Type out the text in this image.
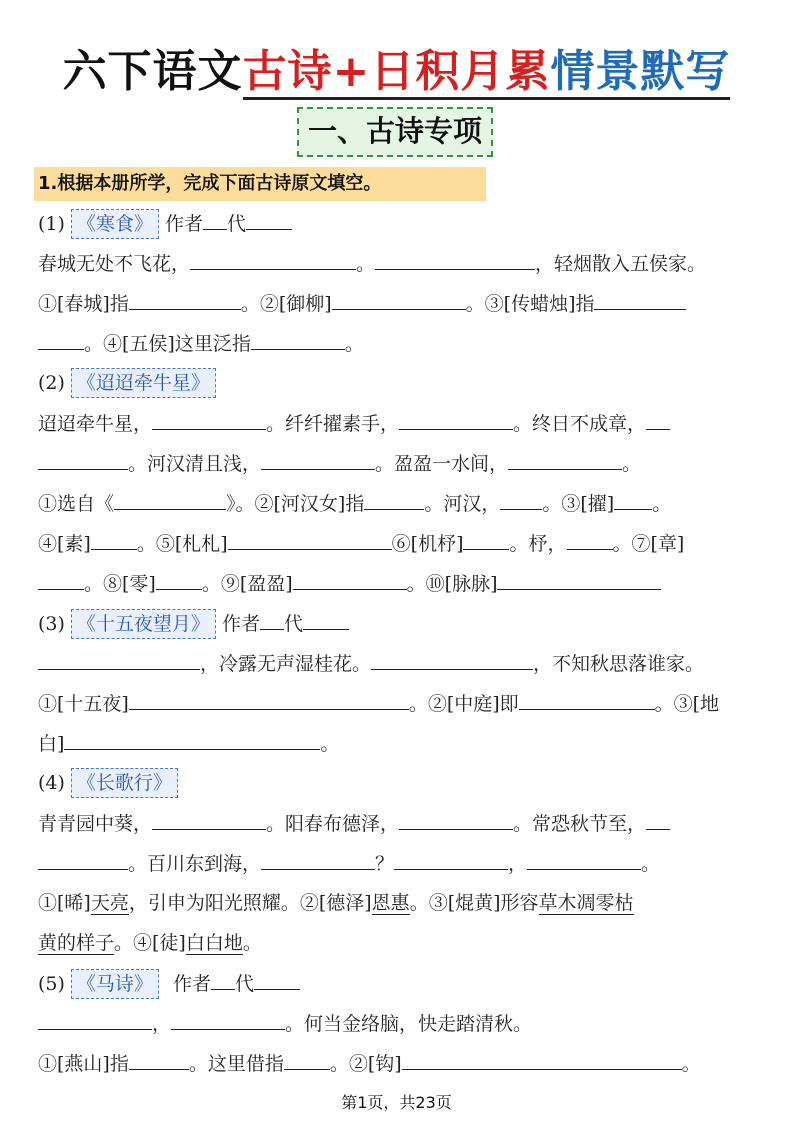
六下语文古诗+日积月累情景默写
一、古诗专项
1.根据本册所学，完成下面古诗原文填空。
(1) 《寒食》 作者 代
春城无处不飞花，	。	，轻烟散入五侯家。
①[春城]指	。②[御柳]	。③[传蜡烛]指
。④[五侯]这里泛指	。
(2) 《迢迢牵牛星》
迢迢牵牛星，	。纤纤擢素手，	。终日不成章，
。河汉清且浅，	。盈盈一水间，	。
①选自《	》。②[河汉女]指	。河汉， 。③[擢] 。
④[素] 。⑤[札札]	⑥[机杼] 。杼， 。⑦[章]
。⑧[零] 。⑨[盈盈]	。⑩[脉脉]
(3) 《十五夜望月》 作者 代
，冷露无声湿桂花。	，不知秋思落谁家。
①[十五夜]	。②[中庭]即	。③[地
白]	。
(4) 《长歌行》
青青园中葵，	。阳春布德泽，	。常恐秋节至，
。百川东到海，	？	，	。
①[晞]天亮，引申为阳光照耀。②[德泽]恩惠。③[焜黄]形容草木凋零枯
黄的样子。④[徒]白白地。
(5) 《马诗》 作者 代
，	。何当金络脑，快走踏清秋。
①[燕山]指	。这里借指 。②[钩]	。
第1页，共23页
